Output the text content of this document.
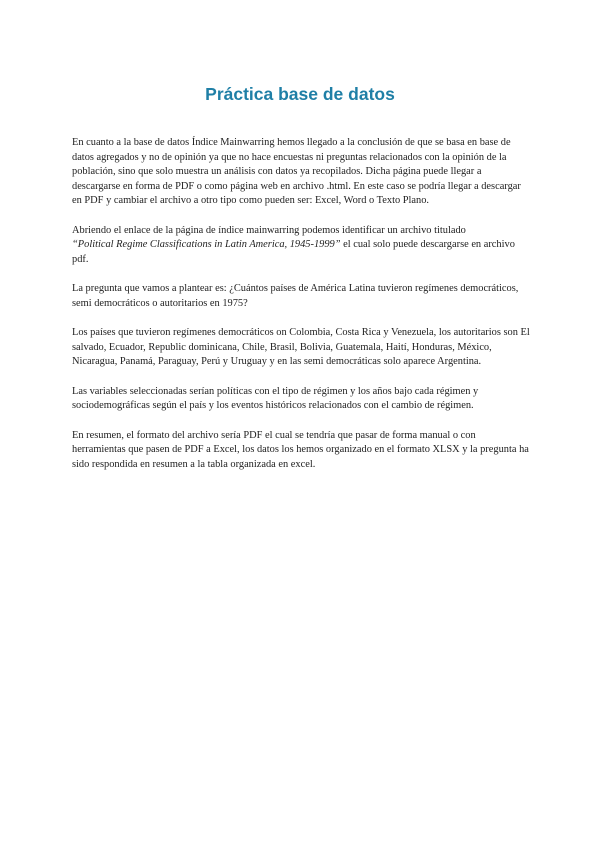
Práctica base de datos

En cuanto a la base de datos Índice Mainwarring hemos llegado a la conclusión de que se basa en base de datos agregados y no de opinión ya que no hace encuestas ni preguntas relacionados con la opinión de la población, sino que solo muestra un análisis con datos ya recopilados. Dicha página puede llegar a descargarse en forma de PDF o como página web en archivo .html. En este caso se podría llegar a descargar en PDF y cambiar el archivo a otro tipo como pueden ser: Excel, Word o Texto Plano.

Abriendo el enlace de la página de índice mainwarring podemos identificar un archivo titulado
“Political Regime Classifications in Latin America, 1945-1999” el cual solo puede descargarse en archivo pdf.

La pregunta que vamos a plantear es: ¿Cuántos países de América Latina tuvieron regímenes democráticos, semi democráticos o autoritarios en 1975?

Los países que tuvieron regímenes democráticos on Colombia, Costa Rica y Venezuela, los autoritarios son El salvado, Ecuador, Republic dominicana, Chile, Brasil, Bolivia, Guatemala, Haití, Honduras, México, Nicaragua, Panamá, Paraguay, Perú y Uruguay y en las semi democráticas solo aparece Argentina.

Las variables seleccionadas serían políticas con el tipo de régimen y los años bajo cada régimen y sociodemográficas según el país y los eventos históricos relacionados con el cambio de régimen.

En resumen, el formato del archivo sería PDF el cual se tendría que pasar de forma manual o con herramientas que pasen de PDF a Excel, los datos los hemos organizado en el formato XLSX y la pregunta ha sido respondida en resumen a la tabla organizada en excel.
